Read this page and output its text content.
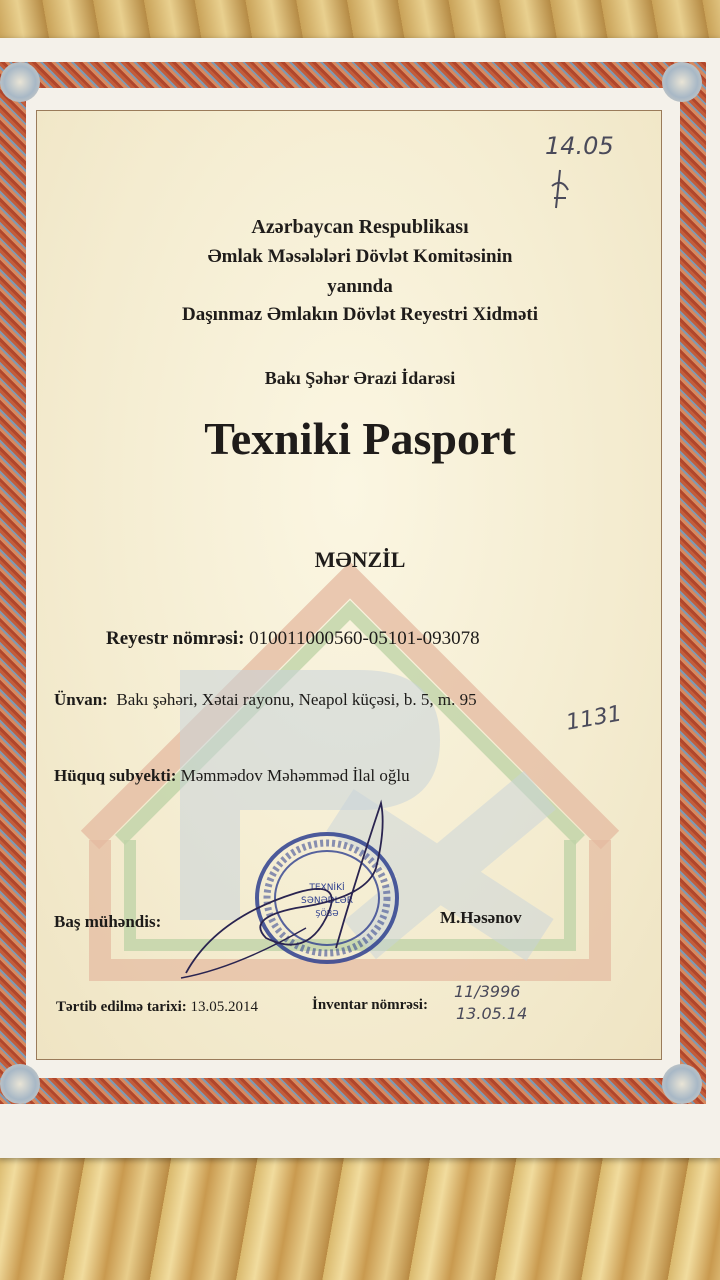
Azərbaycan Respublikası
Əmlak Məsələləri Dövlət Komitəsinin
yanında
Daşınmaz Əmlakın Dövlət Reyestri Xidməti
Bakı Şəhər Ərazi İdarəsi
Texniki Pasport
MƏNZİL
Reyestr nömrəsi: 010011000560-05101-093078
Ünvan: Bakı şəhəri, Xətai rayonu, Neapol küçəsi, b. 5, m. 95
Hüquq subyekti: Məmmədov Məhəmməd İlal oğlu
Baş mühəndis:	M.Həsənov
Tərtib edilmə tarixi: 13.05.2014	İnventar nömrəsi:
11/3996
13.05.14
14.05
1131
TEXNİKİ
SƏNƏDLƏR
ŞÖBƏ
